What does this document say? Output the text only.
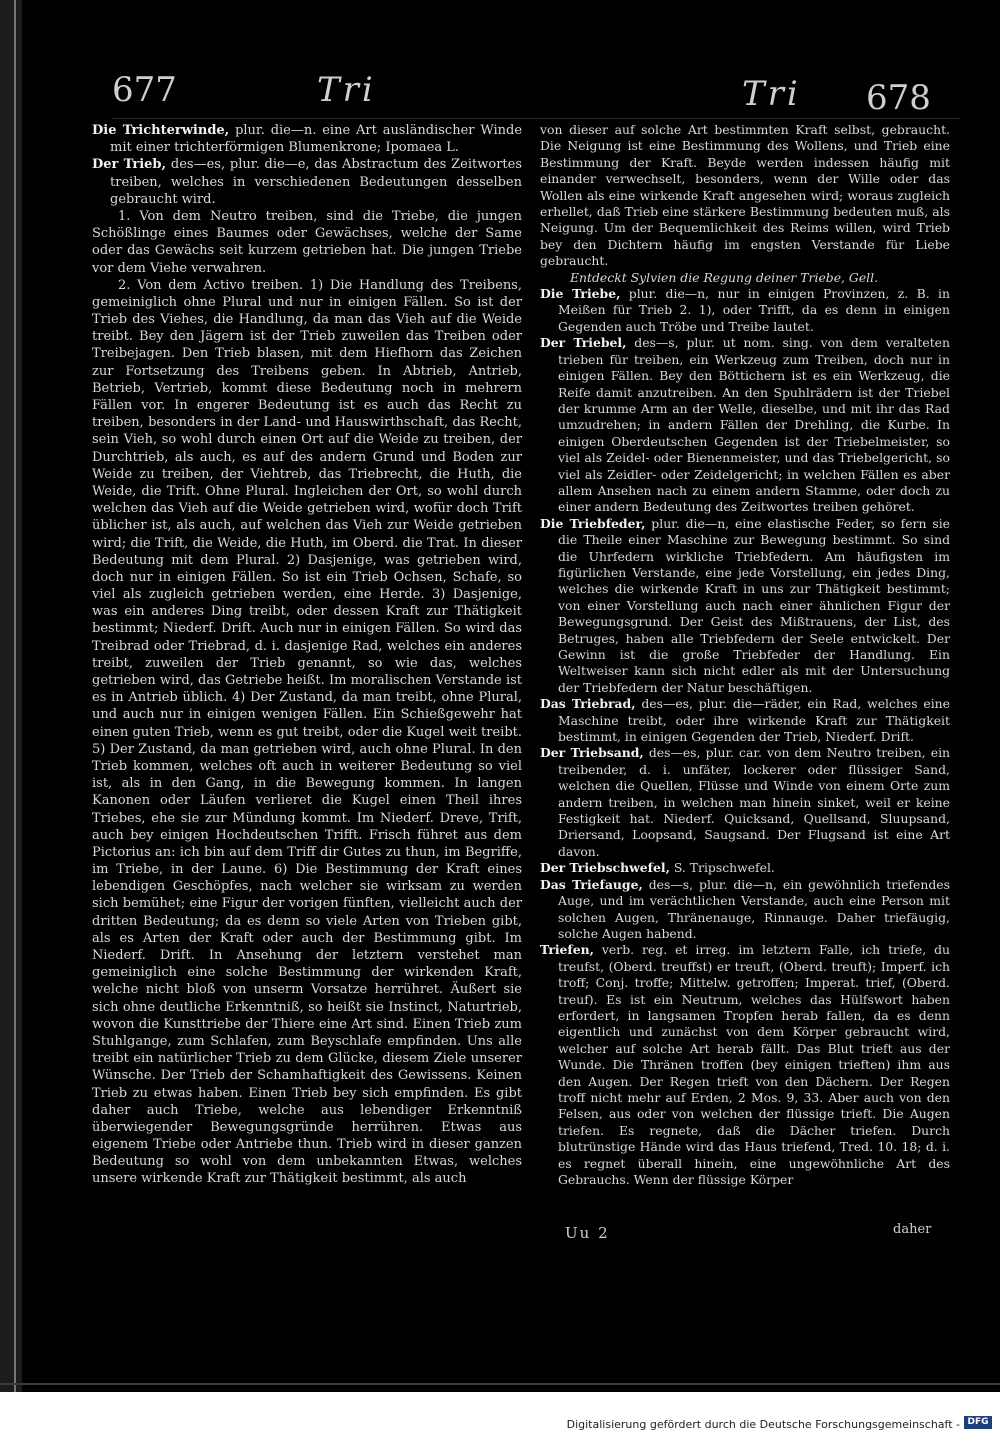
677	Tri	Tri 678

Die Trichterwinde, plur. die—n. eine Art ausländischer Winde mit einer trichterförmigen Blumenkrone; Ipomaea L.

Der Trieb, des—es, plur. die—e, das Abstractum des Zeitwortes treiben, welches in verschiedenen Bedeutungen desselben gebraucht wird.

1. Von dem Neutro treiben, sind die Triebe, die jungen Schößlinge eines Baumes oder Gewächses, welche der Same oder das Gewächs seit kurzem getrieben hat. Die jungen Triebe vor dem Viehe verwahren.

2. Von dem Activo treiben. 1) Die Handlung des Treibens, gemeiniglich ohne Plural und nur in einigen Fällen. So ist der Trieb des Viehes, die Handlung, da man das Vieh auf die Weide treibt. Bey den Jägern ist der Trieb zuweilen das Treiben oder Treibejagen. Den Trieb blasen, mit dem Hiefhorn das Zeichen zur Fortsetzung des Treibens geben. In Abtrieb, Antrieb, Betrieb, Vertrieb, kommt diese Bedeutung noch in mehrern Fällen vor. In engerer Bedeutung ist es auch das Recht zu treiben, besonders in der Land- und Hauswirthschaft, das Recht, sein Vieh, so wohl durch einen Ort auf die Weide zu treiben, der Durchtrieb, als auch, es auf des andern Grund und Boden zur Weide zu treiben, der Viehtreb, das Triebrecht, die Huth, die Weide, die Trift. Ohne Plural. Ingleichen der Ort, so wohl durch welchen das Vieh auf die Weide getrieben wird, wofür doch Trift üblicher ist, als auch, auf welchen das Vieh zur Weide getrieben wird; die Trift, die Weide, die Huth, im Oberd. die Trat. In dieser Bedeutung mit dem Plural. 2) Dasjenige, was getrieben wird, doch nur in einigen Fällen. So ist ein Trieb Ochsen, Schafe, so viel als zugleich getrieben werden, eine Herde. 3) Dasjenige, was ein anderes Ding treibt, oder dessen Kraft zur Thätigkeit bestimmt; Niederf. Drift. Auch nur in einigen Fällen. So wird das Treibrad oder Triebrad, d. i. dasjenige Rad, welches ein anderes treibt, zuweilen der Trieb genannt, so wie das, welches getrieben wird, das Getriebe heißt. Im moralischen Verstande ist es in Antrieb üblich. 4) Der Zustand, da man treibt, ohne Plural, und auch nur in einigen wenigen Fällen. Ein Schießgewehr hat einen guten Trieb, wenn es gut treibt, oder die Kugel weit treibt. 5) Der Zustand, da man getrieben wird, auch ohne Plural. In den Trieb kommen, welches oft auch in weiterer Bedeutung so viel ist, als in den Gang, in die Bewegung kommen. In langen Kanonen oder Läufen verlieret die Kugel einen Theil ihres Triebes, ehe sie zur Mündung kommt. Im Niederf. Dreve, Trift, auch bey einigen Hochdeutschen Trifft. Frisch führet aus dem Pictorius an: ich bin auf dem Triff dir Gutes zu thun, im Begriffe, im Triebe, in der Laune. 6) Die Bestimmung der Kraft eines lebendigen Geschöpfes, nach welcher sie wirksam zu werden sich bemühet; eine Figur der vorigen fünften, vielleicht auch der dritten Bedeutung; da es denn so viele Arten von Trieben gibt, als es Arten der Kraft oder auch der Bestimmung gibt. Im Niederf. Drift. In Ansehung der letztern verstehet man gemeiniglich eine solche Bestimmung der wirkenden Kraft, welche nicht bloß von unserm Vorsatze herrühret. Äußert sie sich ohne deutliche Erkenntniß, so heißt sie Instinct, Naturtrieb, wovon die Kunsttriebe der Thiere eine Art sind. Einen Trieb zum Stuhlgange, zum Schlafen, zum Beyschlafe empfinden. Uns alle treibt ein natürlicher Trieb zu dem Glücke, diesem Ziele unserer Wünsche. Der Trieb der Schamhaftigkeit des Gewissens. Keinen Trieb zu etwas haben. Einen Trieb bey sich empfinden. Es gibt daher auch Triebe, welche aus lebendiger Erkenntniß überwiegender Bewegungsgründe herrühren. Etwas aus eigenem Triebe oder Antriebe thun. Trieb wird in dieser ganzen Bedeutung so wohl von dem unbekannten Etwas, welches unsere wirkende Kraft zur Thätigkeit bestimmt, als auch

von dieser auf solche Art bestimmten Kraft selbst, gebraucht. Die Neigung ist eine Bestimmung des Wollens, und Trieb eine Bestimmung der Kraft. Beyde werden indessen häufig mit einander verwechselt, besonders, wenn der Wille oder das Wollen als eine wirkende Kraft angesehen wird; woraus zugleich erhellet, daß Trieb eine stärkere Bestimmung bedeuten muß, als Neigung. Um der Bequemlichkeit des Reims willen, wird Trieb bey den Dichtern häufig im engsten Verstande für Liebe gebraucht.

Entdeckt Sylvien die Regung deiner Triebe, Gell.

Die Triebe, plur. die—n, nur in einigen Provinzen, z. B. in Meißen für Trieb 2. 1), oder Trifft, da es denn in einigen Gegenden auch Tröbe und Treibe lautet.

Der Triebel, des—s, plur. ut nom. sing. von dem veralteten trieben für treiben, ein Werkzeug zum Treiben, doch nur in einigen Fällen. Bey den Böttichern ist es ein Werkzeug, die Reife damit anzutreiben. An den Spuhlrädern ist der Triebel der krumme Arm an der Welle, dieselbe, und mit ihr das Rad umzudrehen; in andern Fällen der Drehling, die Kurbe. In einigen Oberdeutschen Gegenden ist der Triebelmeister, so viel als Zeidel- oder Bienenmeister, und das Triebelgericht, so viel als Zeidler- oder Zeidelgericht; in welchen Fällen es aber allem Ansehen nach zu einem andern Stamme, oder doch zu einer andern Bedeutung des Zeitwortes treiben gehöret.

Die Triebfeder, plur. die—n, eine elastische Feder, so fern sie die Theile einer Maschine zur Bewegung bestimmt. So sind die Uhrfedern wirkliche Triebfedern. Am häufigsten im figürlichen Verstande, eine jede Vorstellung, ein jedes Ding, welches die wirkende Kraft in uns zur Thätigkeit bestimmt; von einer Vorstellung auch nach einer ähnlichen Figur der Bewegungsgrund. Der Geist des Mißtrauens, der List, des Betruges, haben alle Triebfedern der Seele entwickelt. Der Gewinn ist die große Triebfeder der Handlung. Ein Weltweiser kann sich nicht edler als mit der Untersuchung der Triebfedern der Natur beschäftigen.

Das Triebrad, des—es, plur. die—räder, ein Rad, welches eine Maschine treibt, oder ihre wirkende Kraft zur Thätigkeit bestimmt, in einigen Gegenden der Trieb, Niederf. Drift.

Der Triebsand, des—es, plur. car. von dem Neutro treiben, ein treibender, d. i. unfäter, lockerer oder flüssiger Sand, welchen die Quellen, Flüsse und Winde von einem Orte zum andern treiben, in welchen man hinein sinket, weil er keine Festigkeit hat. Niederf. Quicksand, Quellsand, Sluupsand, Driersand, Loopsand, Saugsand. Der Flugsand ist eine Art davon.

Der Triebschwefel, S. Tripschwefel.

Das Triefauge, des—s, plur. die—n, ein gewöhnlich triefendes Auge, und im verächtlichen Verstande, auch eine Person mit solchen Augen, Thränenauge, Rinnauge. Daher triefäugig, solche Augen habend.

Triefen, verb. reg. et irreg. im letztern Falle, ich triefe, du treufst, (Oberd. treuffst) er treuft, (Oberd. treuft); Imperf. ich troff; Conj. troffe; Mittelw. getroffen; Imperat. trief, (Oberd. treuf). Es ist ein Neutrum, welches das Hülfswort haben erfordert, in langsamen Tropfen herab fallen, da es denn eigentlich und zunächst von dem Körper gebraucht wird, welcher auf solche Art herab fällt. Das Blut trieft aus der Wunde. Die Thränen troffen (bey einigen trieften) ihm aus den Augen. Der Regen trieft von den Dächern. Der Regen troff nicht mehr auf Erden, 2 Mos. 9, 33. Aber auch von den Felsen, aus oder von welchen der flüssige trieft. Die Augen triefen. Es regnete, daß die Dächer triefen. Durch blutrünstige Hände wird das Haus triefend, Tred. 10. 18; d. i. es regnet überall hinein, eine ungewöhnliche Art des Gebrauchs. Wenn der flüssige Körper

Uu 2	daher
Digitalisierung gefördert durch die Deutsche Forschungsgemeinschaft - DFG
